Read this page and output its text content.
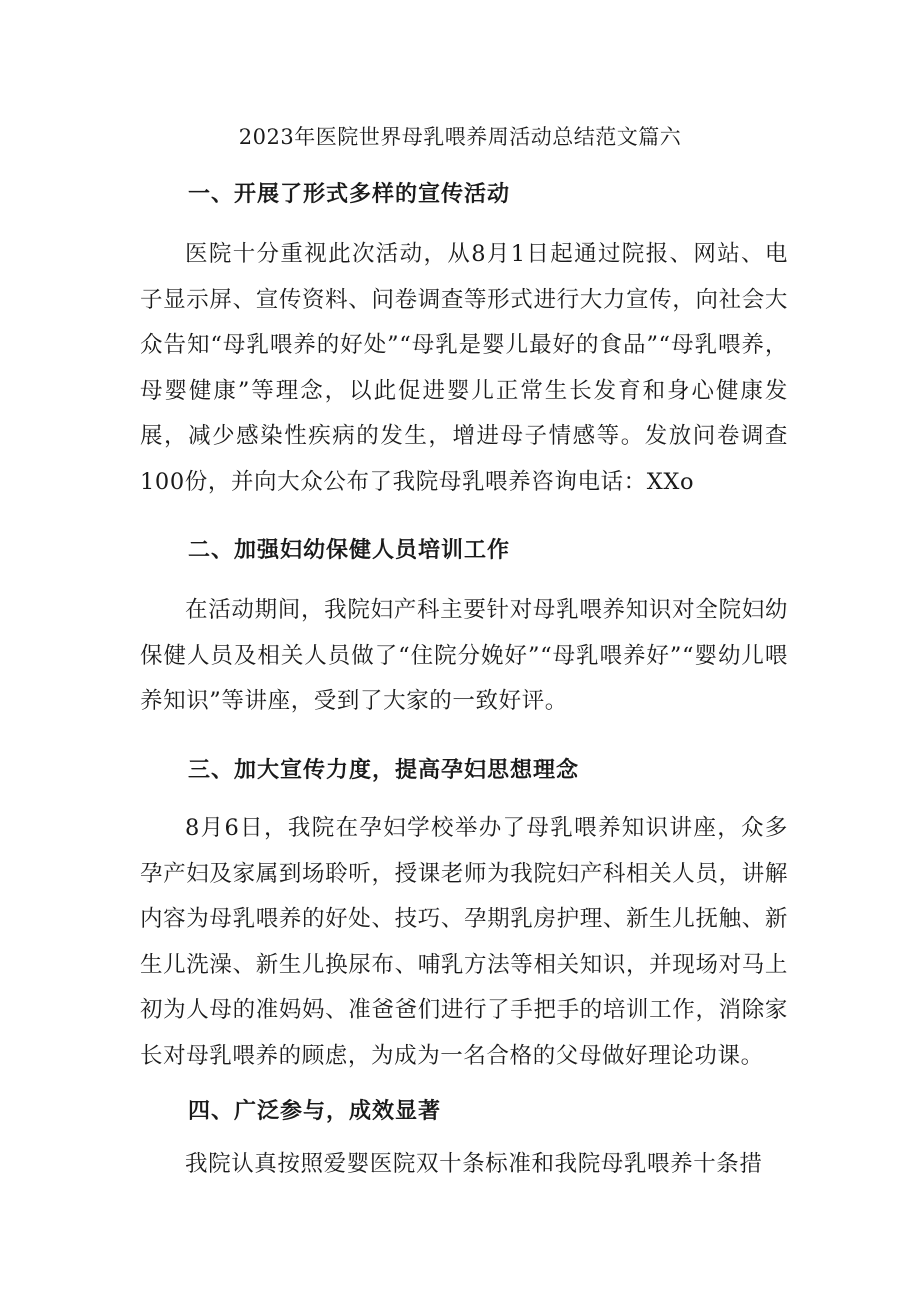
2023年医院世界母乳喂养周活动总结范文篇六
一、开展了形式多样的宣传活动

医院十分重视此次活动，从8月1日起通过院报、网站、电子显示屏、宣传资料、问卷调查等形式进行大力宣传，向社会大众告知“母乳喂养的好处”“母乳是婴儿最好的食品”“母乳喂养，母婴健康”等理念，以此促进婴儿正常生长发育和身心健康发展，减少感染性疾病的发生，增进母子情感等。发放问卷调查100份，并向大众公布了我院母乳喂养咨询电话：XXo

二、加强妇幼保健人员培训工作

在活动期间，我院妇产科主要针对母乳喂养知识对全院妇幼保健人员及相关人员做了“住院分娩好”“母乳喂养好”“婴幼儿喂养知识”等讲座，受到了大家的一致好评。

三、加大宣传力度，提高孕妇思想理念

8月6日，我院在孕妇学校举办了母乳喂养知识讲座，众多孕产妇及家属到场聆听，授课老师为我院妇产科相关人员，讲解内容为母乳喂养的好处、技巧、孕期乳房护理、新生儿抚触、新生儿洗澡、新生儿换尿布、哺乳方法等相关知识，并现场对马上初为人母的准妈妈、准爸爸们进行了手把手的培训工作，消除家长对母乳喂养的顾虑，为成为一名合格的父母做好理论功课。

四、广泛参与，成效显著

我院认真按照爱婴医院双十条标准和我院母乳喂养十条措
